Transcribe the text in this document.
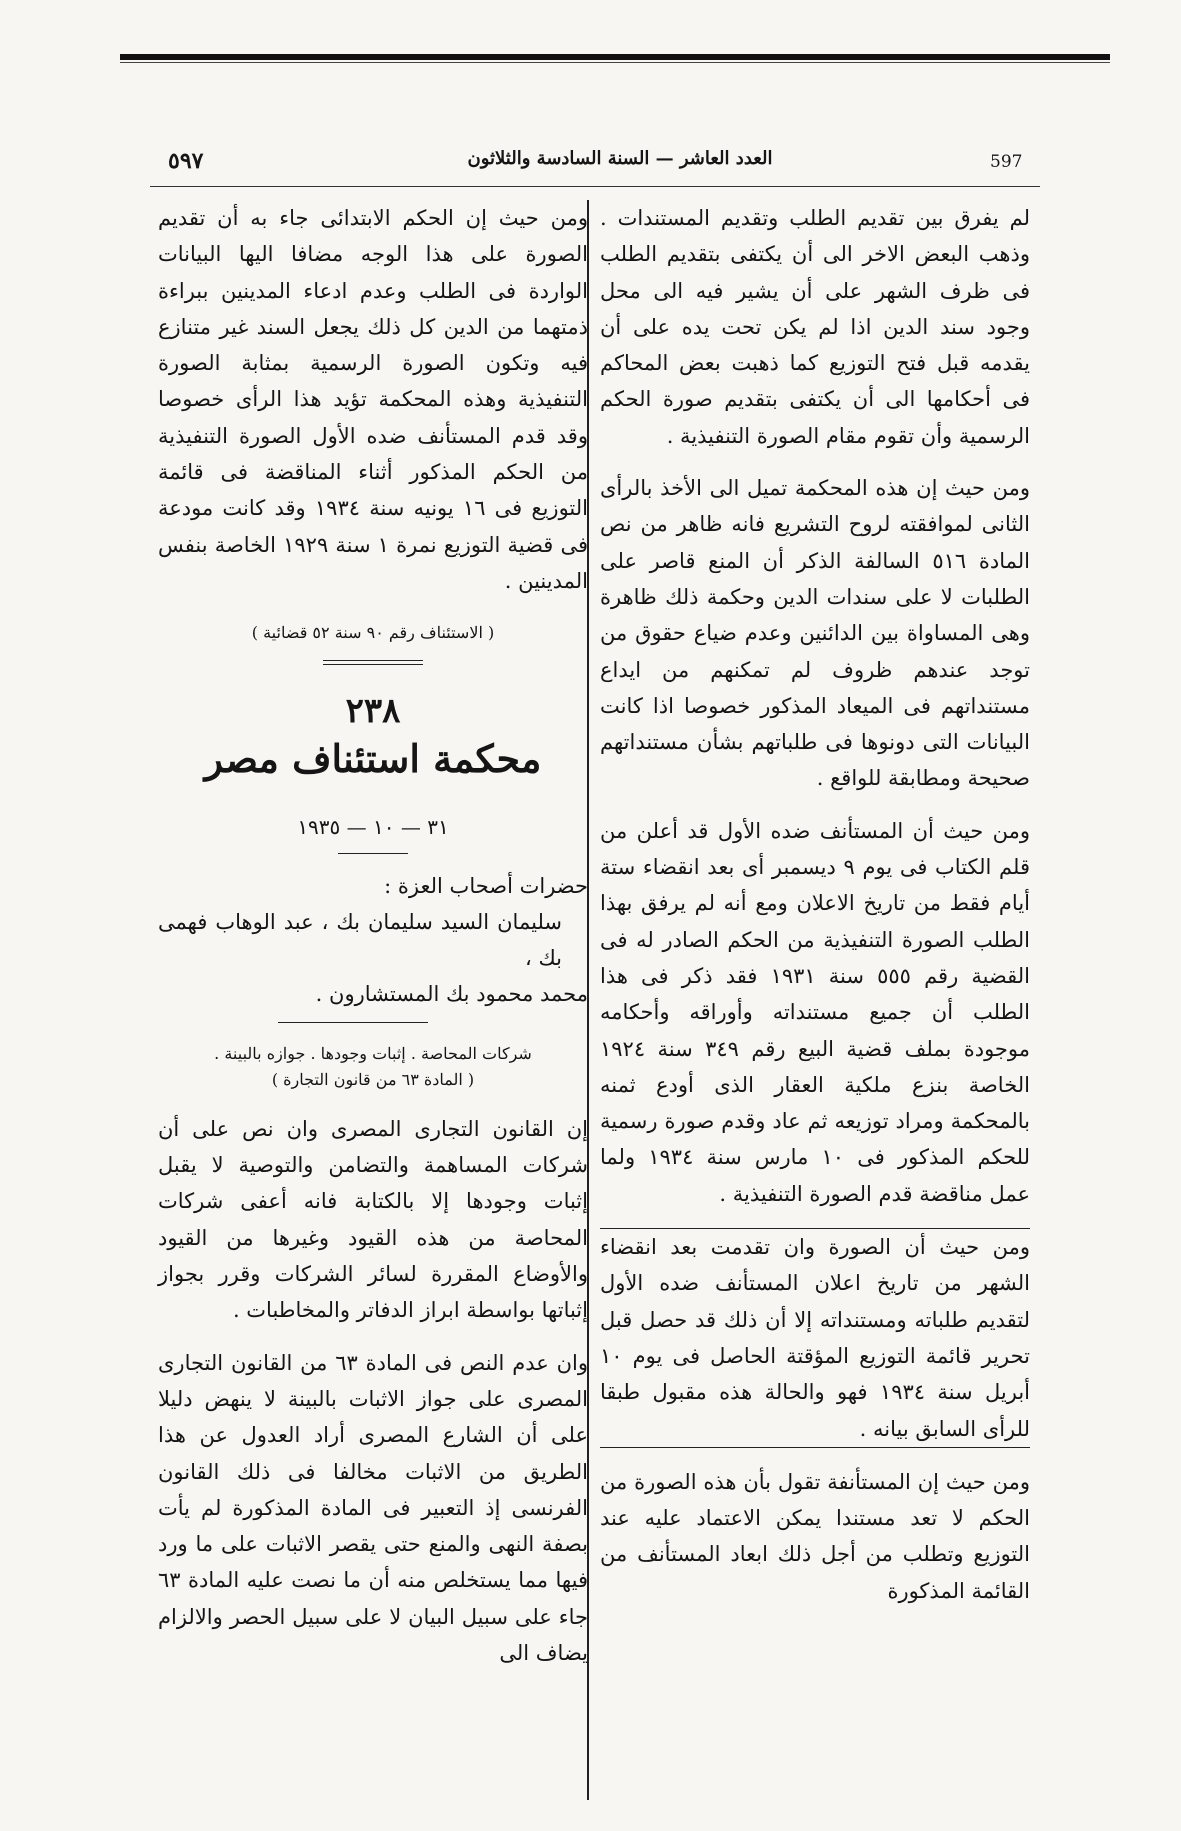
٥٩٧	العدد العاشر — السنة السادسة والثلاثون	597

لم يفرق بين تقديم الطلب وتقديم المستندات . وذهب البعض الاخر الى أن يكتفى بتقديم الطلب فى ظرف الشهر على أن يشير فيه الى محل وجود سند الدين اذا لم يكن تحت يده على أن يقدمه قبل فتح التوزيع كما ذهبت بعض المحاكم فى أحكامها الى أن يكتفى بتقديم صورة الحكم الرسمية وأن تقوم مقام الصورة التنفيذية .

ومن حيث إن هذه المحكمة تميل الى الأخذ بالرأى الثانى لموافقته لروح التشريع فانه ظاهر من نص المادة ٥١٦ السالفة الذكر أن المنع قاصر على الطلبات لا على سندات الدين وحكمة ذلك ظاهرة وهى المساواة بين الدائنين وعدم ضياع حقوق من توجد عندهم ظروف لم تمكنهم من ايداع مستنداتهم فى الميعاد المذكور خصوصا اذا كانت البيانات التى دونوها فى طلباتهم بشأن مستنداتهم صحيحة ومطابقة للواقع .

ومن حيث أن المستأنف ضده الأول قد أعلن من قلم الكتاب فى يوم ٩ ديسمبر أى بعد انقضاء ستة أيام فقط من تاريخ الاعلان ومع أنه لم يرفق بهذا الطلب الصورة التنفيذية من الحكم الصادر له فى القضية رقم ٥٥٥ سنة ١٩٣١ فقد ذكر فى هذا الطلب أن جميع مستنداته وأوراقه وأحكامه موجودة بملف قضية البيع رقم ٣٤٩ سنة ١٩٢٤ الخاصة بنزع ملكية العقار الذى أودع ثمنه بالمحكمة ومراد توزيعه ثم عاد وقدم صورة رسمية للحكم المذكور فى ١٠ مارس سنة ١٩٣٤ ولما عمل مناقضة قدم الصورة التنفيذية .

ومن حيث أن الصورة وان تقدمت بعد انقضاء الشهر من تاريخ اعلان المستأنف ضده الأول لتقديم طلباته ومستنداته إلا أن ذلك قد حصل قبل تحرير قائمة التوزيع المؤقتة الحاصل فى يوم ١٠ أبريل سنة ١٩٣٤ فهو والحالة هذه مقبول طبقا للرأى السابق بيانه .

ومن حيث إن المستأنفة تقول بأن هذه الصورة من الحكم لا تعد مستندا يمكن الاعتماد عليه عند التوزيع وتطلب من أجل ذلك ابعاد المستأنف من القائمة المذكورة

ومن حيث إن الحكم الابتدائى جاء به أن تقديم الصورة على هذا الوجه مضافا اليها البيانات الواردة فى الطلب وعدم ادعاء المدينين ببراءة ذمتهما من الدين كل ذلك يجعل السند غير متنازع فيه وتكون الصورة الرسمية بمثابة الصورة التنفيذية وهذه المحكمة تؤيد هذا الرأى خصوصا وقد قدم المستأنف ضده الأول الصورة التنفيذية من الحكم المذكور أثناء المناقضة فى قائمة التوزيع فى ١٦ يونيه سنة ١٩٣٤ وقد كانت مودعة فى قضية التوزيع نمرة ١ سنة ١٩٢٩ الخاصة بنفس المدينين .

( الاستئناف رقم ٩٠ سنة ٥٢ قضائية )
٢٣٨
محكمة استئناف مصر
٣١ — ١٠ — ١٩٣٥
حضرات أصحاب العزة :
سليمان السيد سليمان بك ، عبد الوهاب فهمى بك ،
محمد محمود بك المستشارون .
شركات المحاصة . إثبات وجودها . جوازه بالبينة .
( المادة ٦٣ من قانون التجارة )

إن القانون التجارى المصرى وان نص على أن شركات المساهمة والتضامن والتوصية لا يقبل إثبات وجودها إلا بالكتابة فانه أعفى شركات المحاصة من هذه القيود وغيرها من القيود والأوضاع المقررة لسائر الشركات وقرر بجواز إثباتها بواسطة ابراز الدفاتر والمخاطبات .

وان عدم النص فى المادة ٦٣ من القانون التجارى المصرى على جواز الاثبات بالبينة لا ينهض دليلا على أن الشارع المصرى أراد العدول عن هذا الطريق من الاثبات مخالفا فى ذلك القانون الفرنسى إذ التعبير فى المادة المذكورة لم يأت بصفة النهى والمنع حتى يقصر الاثبات على ما ورد فيها مما يستخلص منه أن ما نصت عليه المادة ٦٣ جاء على سبيل البيان لا على سبيل الحصر والالزام يضاف الى
